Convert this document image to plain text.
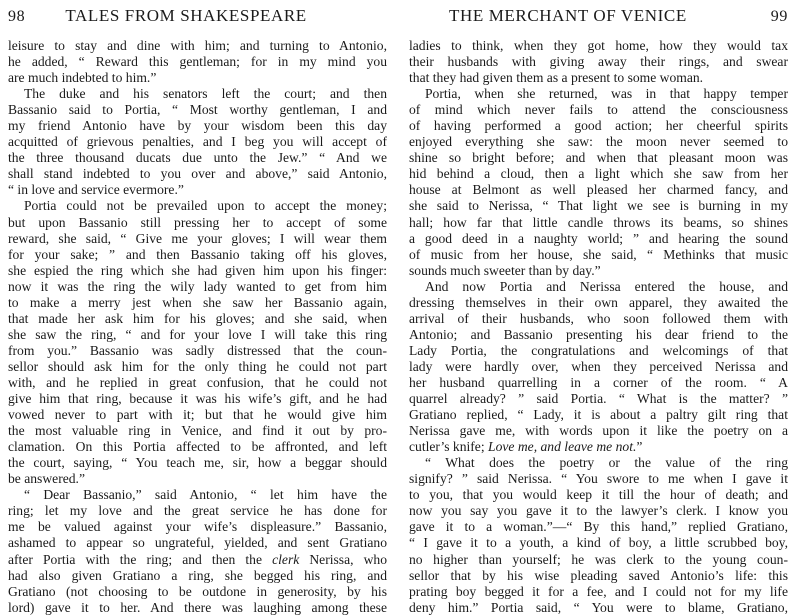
98	TALES FROM SHAKESPEARE
leisure to stay and dine with him; and turning to Antonio,
he added, “ Reward this gentleman; for in my mind you
are much indebted to him.”
The duke and his senators left the court; and then
Bassanio said to Portia, “ Most worthy gentleman, I and
my friend Antonio have by your wisdom been this day
acquitted of grievous penalties, and I beg you will accept of
the three thousand ducats due unto the Jew.” “ And we
shall stand indebted to you over and above,” said Antonio,
“ in love and service evermore.”
Portia could not be prevailed upon to accept the money;
but upon Bassanio still pressing her to accept of some
reward, she said, “ Give me your gloves; I will wear them
for your sake; ” and then Bassanio taking off his gloves,
she espied the ring which she had given him upon his finger:
now it was the ring the wily lady wanted to get from him
to make a merry jest when she saw her Bassanio again,
that made her ask him for his gloves; and she said, when
she saw the ring, “ and for your love I will take this ring
from you.” Bassanio was sadly distressed that the coun-
sellor should ask him for the only thing he could not part
with, and he replied in great confusion, that he could not
give him that ring, because it was his wife’s gift, and he had
vowed never to part with it; but that he would give him
the most valuable ring in Venice, and find it out by pro-
clamation. On this Portia affected to be affronted, and left
the court, saying, “ You teach me, sir, how a beggar should
be answered.”
“ Dear Bassanio,” said Antonio, “ let him have the
ring; let my love and the great service he has done for
me be valued against your wife’s displeasure.” Bassanio,
ashamed to appear so ungrateful, yielded, and sent Gratiano
after Portia with the ring; and then the clerk Nerissa, who
had also given Gratiano a ring, she begged his ring, and
Gratiano (not choosing to be outdone in generosity, by his
lord) gave it to her. And there was laughing among these
THE MERCHANT OF VENICE	99
ladies to think, when they got home, how they would tax
their husbands with giving away their rings, and swear
that they had given them as a present to some woman.
Portia, when she returned, was in that happy temper
of mind which never fails to attend the consciousness
of having performed a good action; her cheerful spirits
enjoyed everything she saw: the moon never seemed to
shine so bright before; and when that pleasant moon was
hid behind a cloud, then a light which she saw from her
house at Belmont as well pleased her charmed fancy, and
she said to Nerissa, “ That light we see is burning in my
hall; how far that little candle throws its beams, so shines
a good deed in a naughty world; ” and hearing the sound
of music from her house, she said, “ Methinks that music
sounds much sweeter than by day.”
And now Portia and Nerissa entered the house, and
dressing themselves in their own apparel, they awaited the
arrival of their husbands, who soon followed them with
Antonio; and Bassanio presenting his dear friend to the
Lady Portia, the congratulations and welcomings of that
lady were hardly over, when they perceived Nerissa and
her husband quarrelling in a corner of the room. “ A
quarrel already? ” said Portia. “ What is the matter? ”
Gratiano replied, “ Lady, it is about a paltry gilt ring that
Nerissa gave me, with words upon it like the poetry on a
cutler’s knife; Love me, and leave me not.”
“ What does the poetry or the value of the ring
signify? ” said Nerissa. “ You swore to me when I gave it
to you, that you would keep it till the hour of death; and
now you say you gave it to the lawyer’s clerk. I know you
gave it to a woman.”—“ By this hand,” replied Gratiano,
“ I gave it to a youth, a kind of boy, a little scrubbed boy,
no higher than yourself; he was clerk to the young coun-
sellor that by his wise pleading saved Antonio’s life: this
prating boy begged it for a fee, and I could not for my life
deny him.” Portia said, “ You were to blame, Gratiano,
